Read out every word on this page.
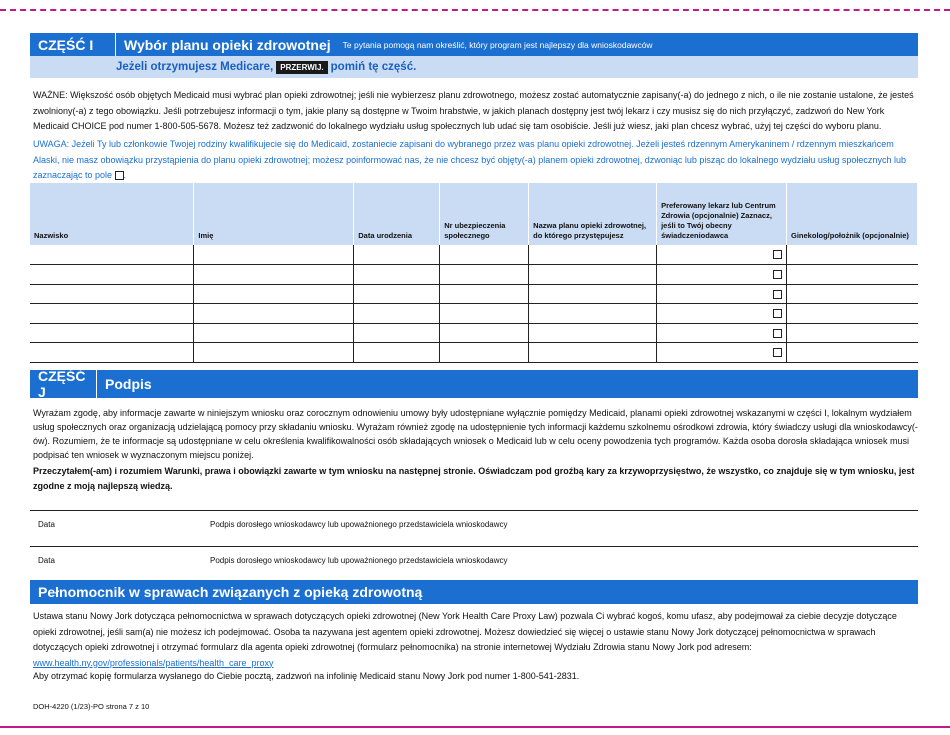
CZĘŚĆ I	Wybór planu opieki zdrowotnej	Te pytania pomogą nam określić, który program jest najlepszy dla wnioskodawców
Jeżeli otrzymujesz Medicare, PRZERWIJ. pomiń tę część.
WAŻNE: Większość osób objętych Medicaid musi wybrać plan opieki zdrowotnej; jeśli nie wybierzesz planu zdrowotnego, możesz zostać automatycznie zapisany(-a) do jednego z nich, o ile nie zostanie ustalone, że jesteś zwolniony(-a) z tego obowiązku. Jeśli potrzebujesz informacji o tym, jakie plany są dostępne w Twoim hrabstwie, w jakich planach dostępny jest twój lekarz i czy musisz się do nich przyłączyć, zadzwoń do New York Medicaid CHOICE pod numer 1-800-505-5678. Możesz też zadzwonić do lokalnego wydziału usług społecznych lub udać się tam osobiście. Jeśli już wiesz, jaki plan chcesz wybrać, użyj tej części do wyboru planu.
UWAGA: Jeżeli Ty lub członkowie Twojej rodziny kwalifikujecie się do Medicaid, zostaniecie zapisani do wybranego przez was planu opieki zdrowotnej. Jeżeli jesteś rdzennym Amerykaninem / rdzennym mieszkańcem Alaski, nie masz obowiązku przystąpienia do planu opieki zdrowotnej; możesz poinformować nas, że nie chcesz być objęty(-a) planem opieki zdrowotnej, dzwoniąc lub pisząc do lokalnego wydziału usług społecznych lub zaznaczając to pole .
Nazwisko	Imię	Data urodzenia	Nr ubezpieczenia społecznego	Nazwa planu opieki zdrowotnej, do którego przystępujesz	Preferowany lekarz lub Centrum Zdrowia (opcjonalnie) Zaznacz, jeśli to Twój obecny świadczeniodawca	Ginekolog/położnik (opcjonalnie)

CZĘŚĆ J	Podpis
Wyrażam zgodę, aby informacje zawarte w niniejszym wniosku oraz corocznym odnowieniu umowy były udostępniane wyłącznie pomiędzy Medicaid, planami opieki zdrowotnej wskazanymi w części I, lokalnym wydziałem usług społecznych oraz organizacją udzielającą pomocy przy składaniu wniosku. Wyrażam również zgodę na udostępnienie tych informacji każdemu szkolnemu ośrodkowi zdrowia, który świadczy usługi dla wnioskodawcy(-ów). Rozumiem, że te informacje są udostępniane w celu określenia kwalifikowalności osób składających wniosek o Medicaid lub w celu oceny powodzenia tych programów. Każda osoba dorosła składająca wniosek musi podpisać ten wniosek w wyznaczonym miejscu poniżej.
Przeczytałem(-am) i rozumiem Warunki, prawa i obowiązki zawarte w tym wniosku na następnej stronie. Oświadczam pod groźbą kary za krzywoprzysięstwo, że wszystko, co znajduje się w tym wniosku, jest zgodne z moją najlepszą wiedzą.
Data	Podpis dorosłego wnioskodawcy lub upoważnionego przedstawiciela wnioskodawcy
Data	Podpis dorosłego wnioskodawcy lub upoważnionego przedstawiciela wnioskodawcy
Pełnomocnik w sprawach związanych z opieką zdrowotną
Ustawa stanu Nowy Jork dotycząca pełnomocnictwa w sprawach dotyczących opieki zdrowotnej (New York Health Care Proxy Law) pozwala Ci wybrać kogoś, komu ufasz, aby podejmował za ciebie decyzje dotyczące opieki zdrowotnej, jeśli sam(a) nie możesz ich podejmować. Osoba ta nazywana jest agentem opieki zdrowotnej. Możesz dowiedzieć się więcej o ustawie stanu Nowy Jork dotyczącej pełnomocnictwa w sprawach dotyczących opieki zdrowotnej i otrzymać formularz dla agenta opieki zdrowotnej (formularz pełnomocnika) na stronie internetowej Wydziału Zdrowia stanu Nowy Jork pod adresem:
www.health.ny.gov/professionals/patients/health_care_proxy
Aby otrzymać kopię formularza wysłanego do Ciebie pocztą, zadzwoń na infolinię Medicaid stanu Nowy Jork pod numer 1-800-541-2831.
DOH-4220 (1/23)-PO strona 7 z 10
